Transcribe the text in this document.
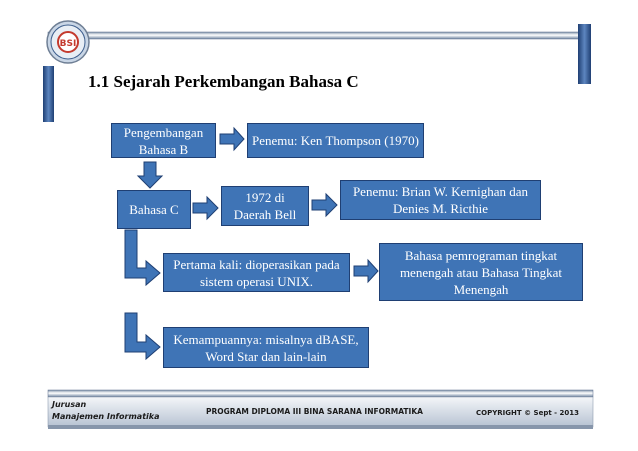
BSI
1.1 Sejarah Perkembangan Bahasa C
Pengembangan Bahasa B
Penemu: Ken Thompson (1970)
Bahasa C
1972 di Daerah Bell
Penemu: Brian W. Kernighan dan Denies M. Ricthie
Pertama kali: dioperasikan pada sistem operasi UNIX.
Bahasa pemrograman tingkat menengah atau Bahasa Tingkat Menengah
Kemampuannya: misalnya dBASE, Word Star dan lain-lain
Jurusan
Manajemen Informatika
PROGRAM DIPLOMA III BINA SARANA INFORMATIKA	COPYRIGHT © Sept - 2013
